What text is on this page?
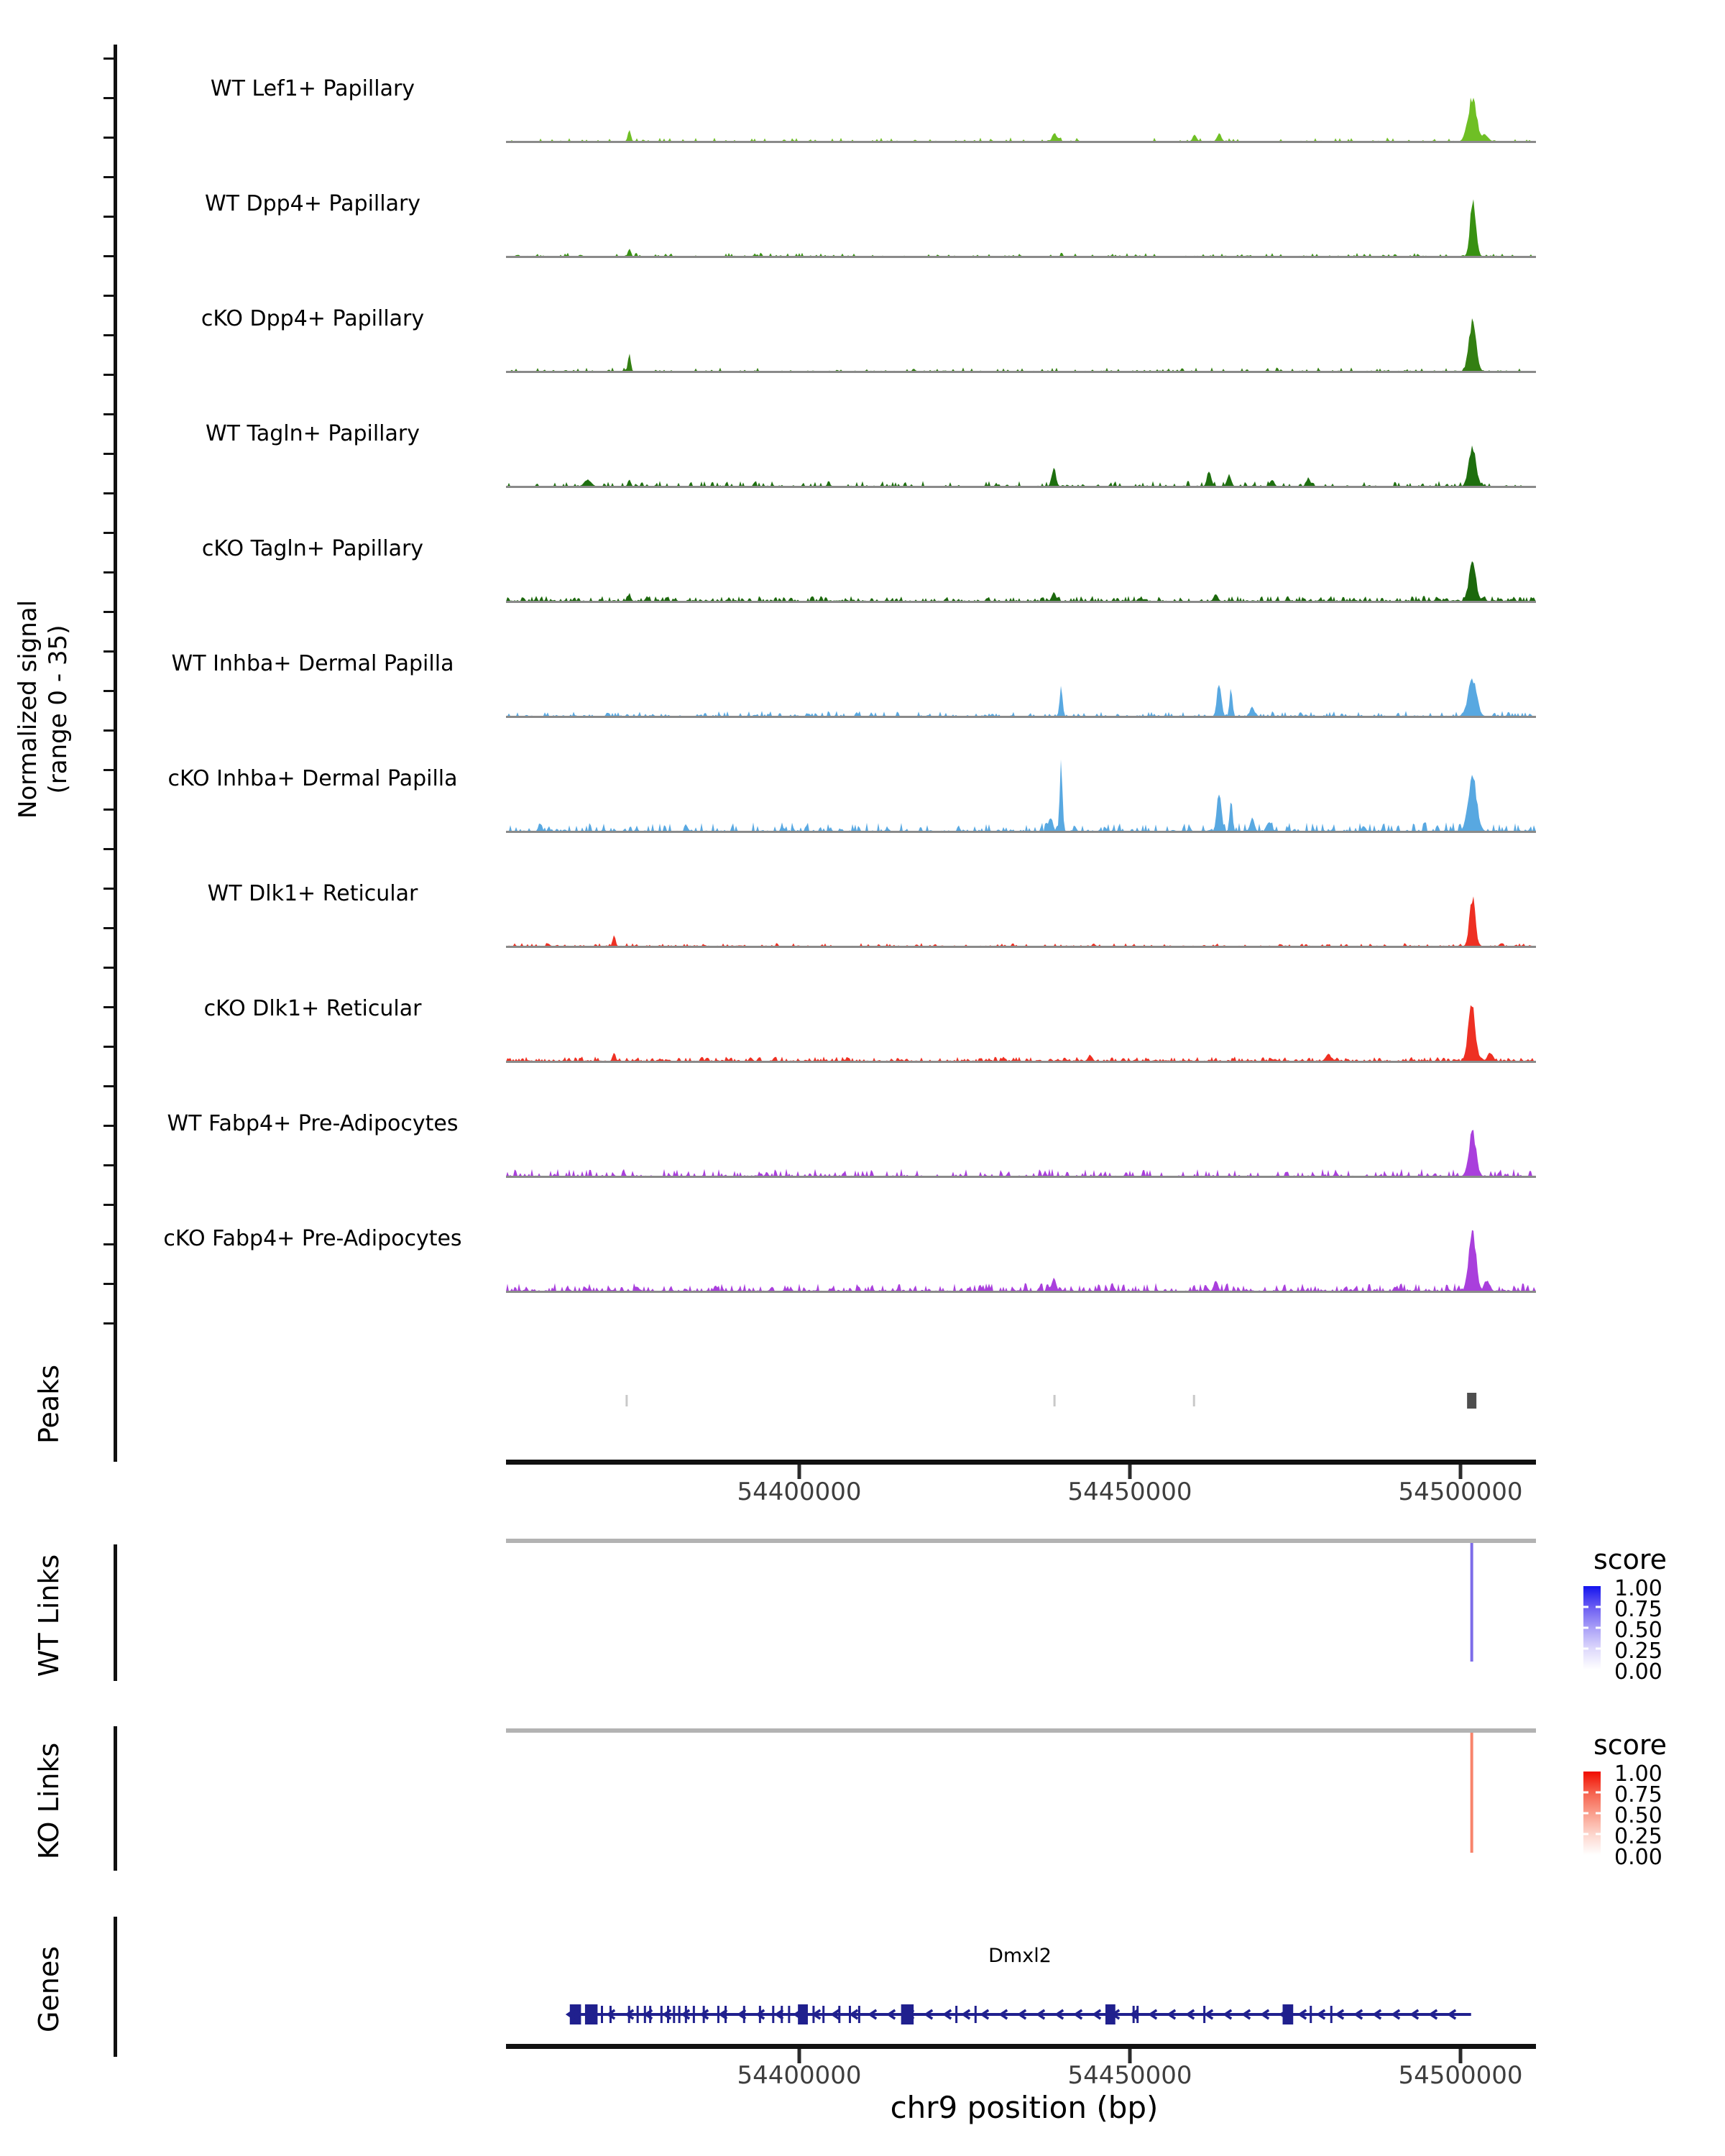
Normalized signal (range 0 - 35)
WT Lef1+ Papillary
WT Dpp4+ Papillary
cKO Dpp4+ Papillary
WT Tagln+ Papillary
cKO Tagln+ Papillary
WT Inhba+ Dermal Papilla
cKO Inhba+ Dermal Papilla
WT Dlk1+ Reticular
cKO Dlk1+ Reticular
WT Fabp4+ Pre-Adipocytes
cKO Fabp4+ Pre-Adipocytes
Peaks
WT Links
KO Links
Genes
54400000	54450000	54500000
score
1.00
0.75
0.50
0.25
0.00
score
1.00
0.75
0.50
0.25
0.00
Dmxl2
54400000	54450000	54500000
chr9 position (bp)
